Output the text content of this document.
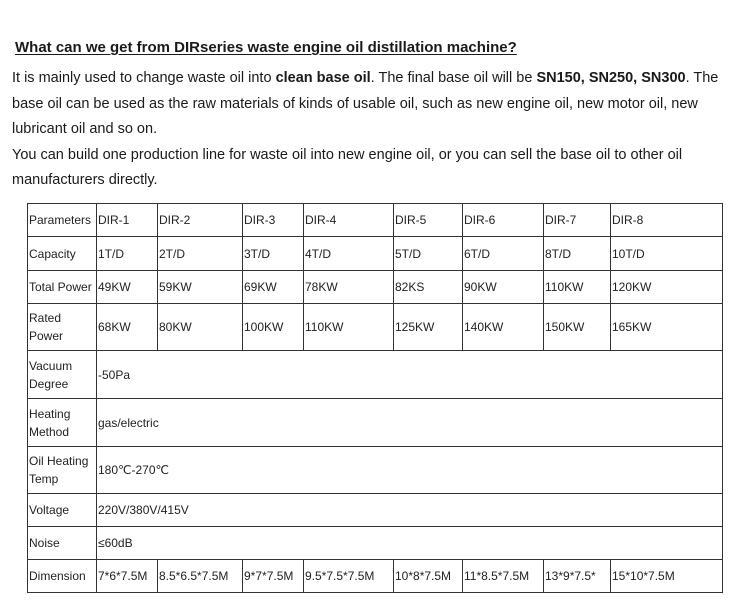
What can we get from DIRseries waste engine oil distillation machine?

It is mainly used to change waste oil into clean base oil. The final base oil will be SN150, SN250, SN300. The base oil can be used as the raw materials of kinds of usable oil, such as new engine oil, new motor oil, new lubricant oil and so on.

You can build one production line for waste oil into new engine oil, or you can sell the base oil to other oil manufacturers directly.

Parameters	DIR-1	DIR-2	DIR-3	DIR-4	DIR-5	DIR-6	DIR-7	DIR-8
Capacity	1T/D	2T/D	3T/D	4T/D	5T/D	6T/D	8T/D	10T/D
Total Power	49KW	59KW	69KW	78KW	82KS	90KW	110KW	120KW
Rated Power	68KW	80KW	100KW	110KW	125KW	140KW	150KW	165KW
Vacuum Degree	-50Pa							
Heating Method	gas/electric							
Oil Heating Temp	180℃-270℃							
Voltage	220V/380V/415V							
Noise	≤60dB							
Dimension	7*6*7.5M	8.5*6.5*7.5M	9*7*7.5M	9.5*7.5*7.5M	10*8*7.5M	11*8.5*7.5M	13*9*7.5*	15*10*7.5M
